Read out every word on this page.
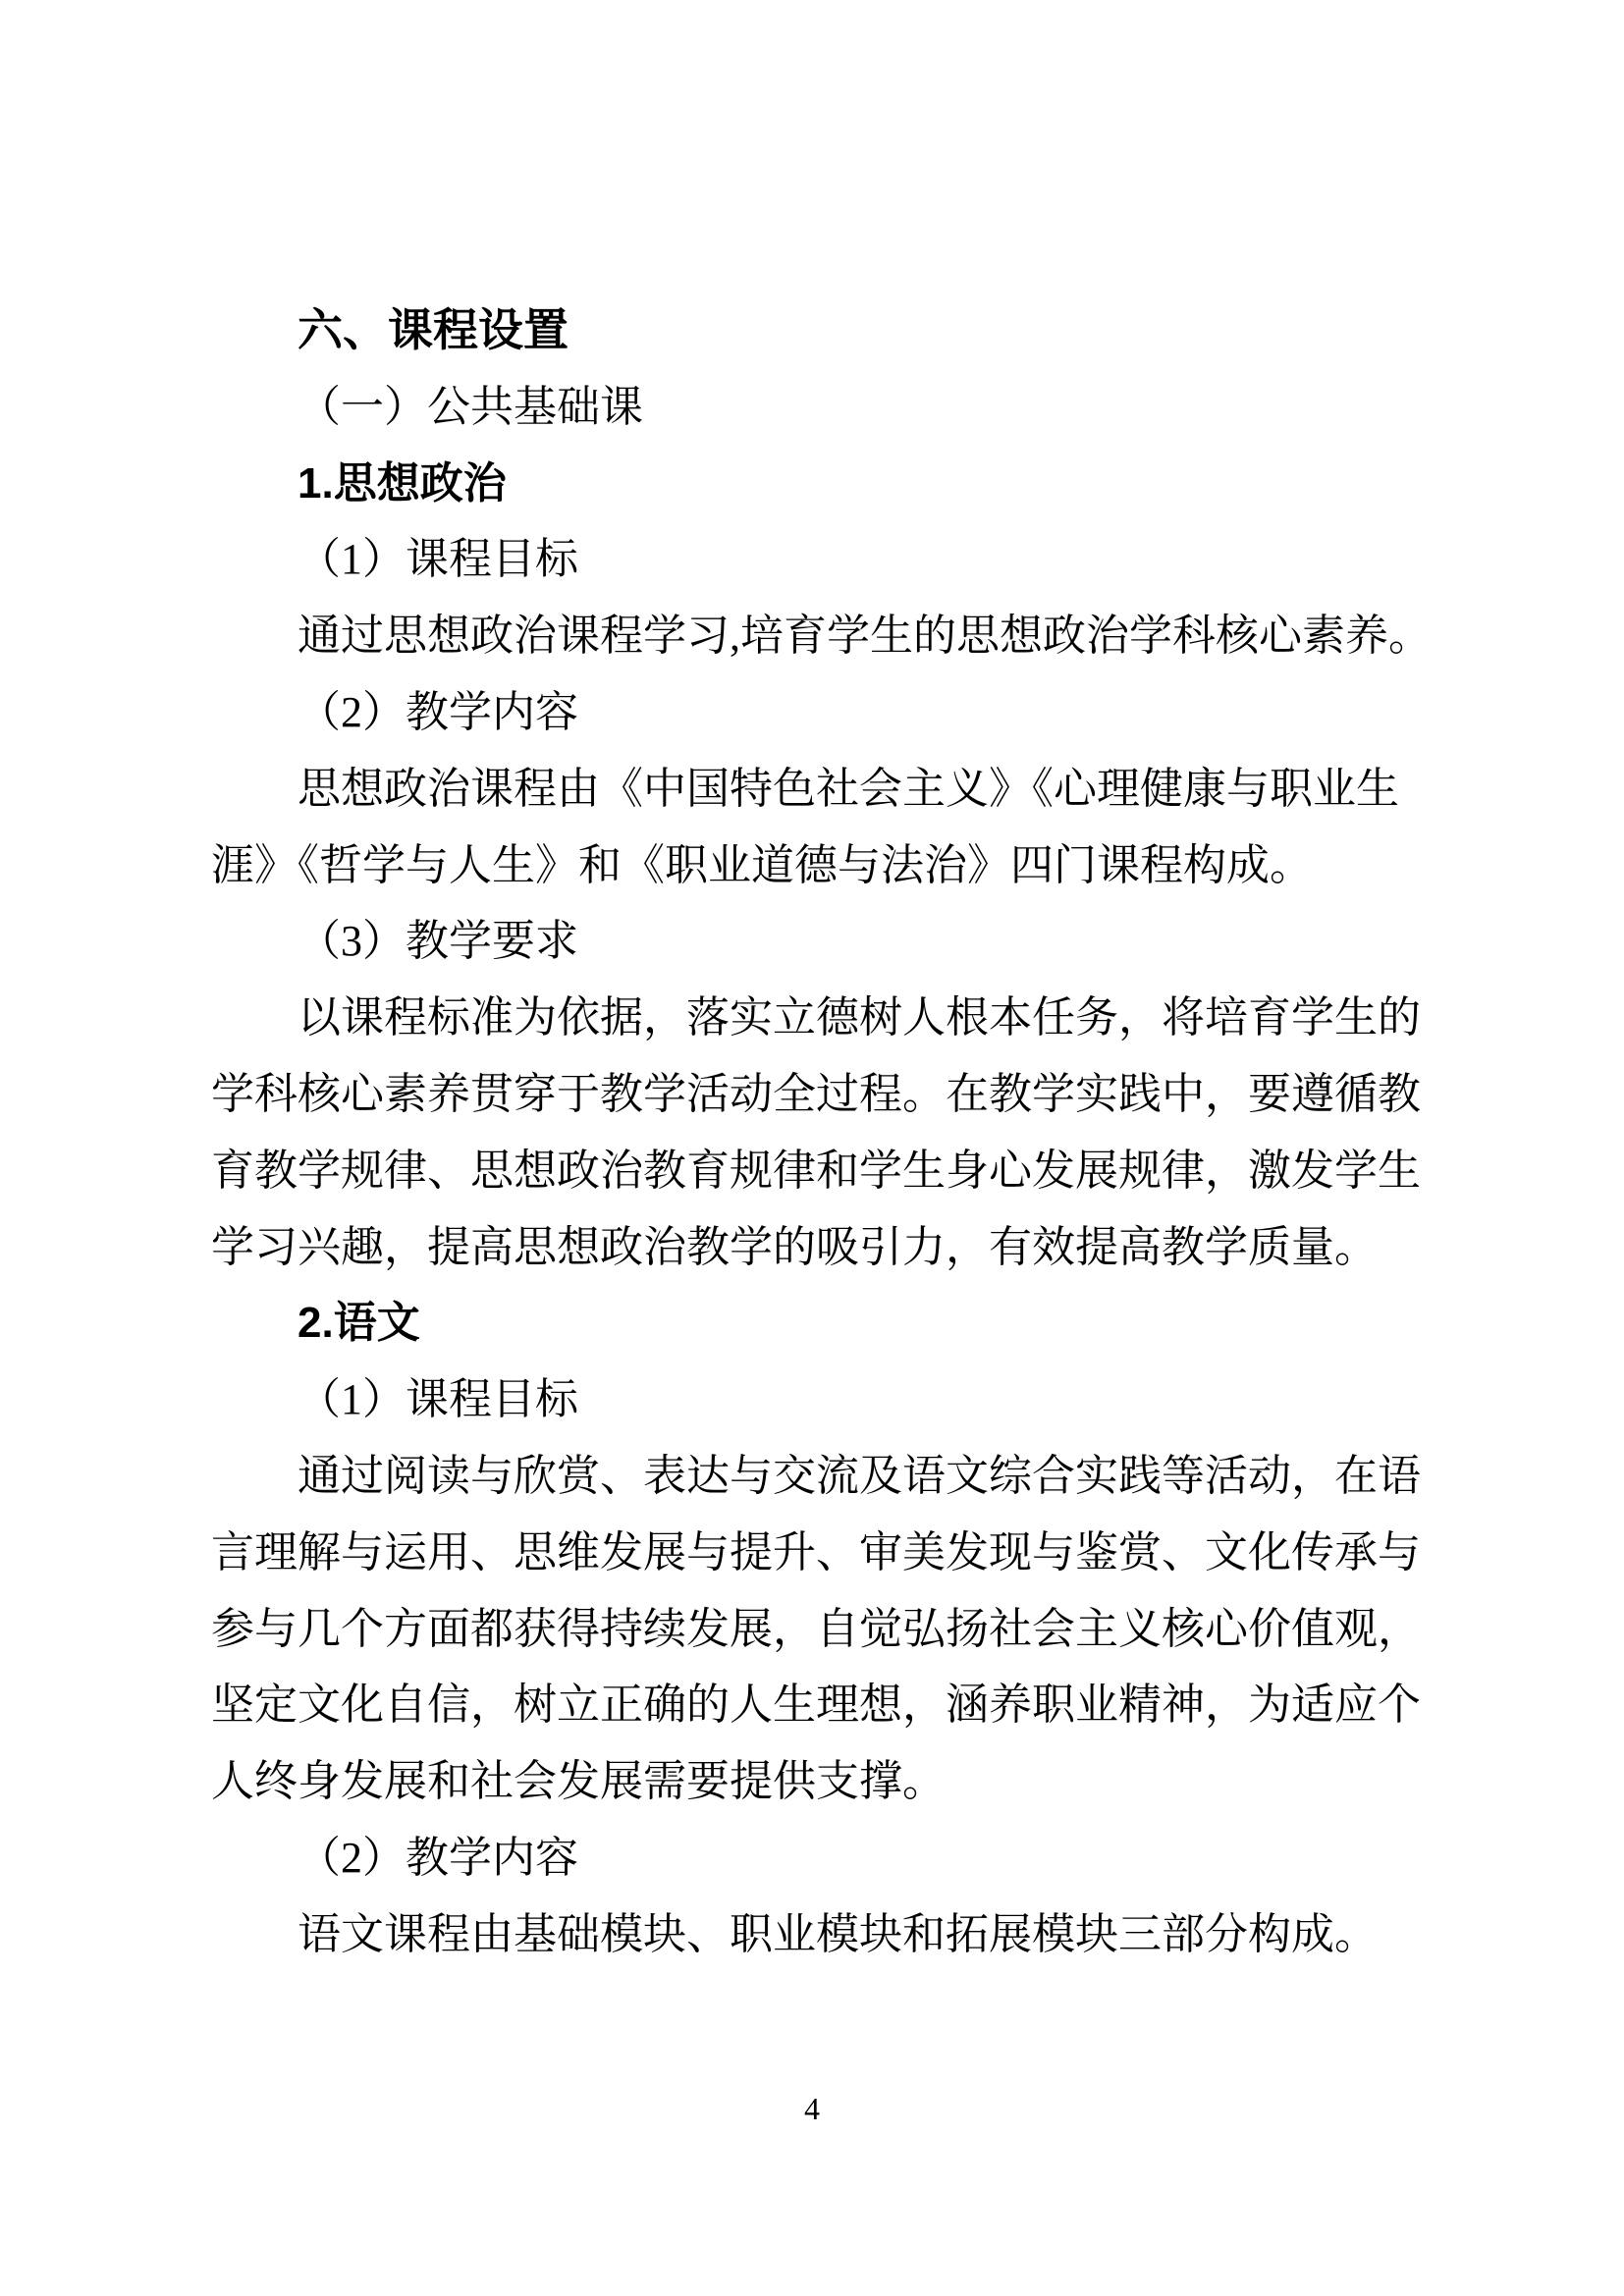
六、课程设置
（一）公共基础课
1.思想政治
（1）课程目标
通过思想政治课程学习,培育学生的思想政治学科核心素养。
（2）教学内容
思想政治课程由《中国特色社会主义》《心理健康与职业生
涯》《哲学与人生》和《职业道德与法治》四门课程构成。
（3）教学要求
以课程标准为依据，落实立德树人根本任务，将培育学生的
学科核心素养贯穿于教学活动全过程。在教学实践中，要遵循教
育教学规律、思想政治教育规律和学生身心发展规律，激发学生
学习兴趣，提高思想政治教学的吸引力，有效提高教学质量。
2.语文
（1）课程目标
通过阅读与欣赏、表达与交流及语文综合实践等活动，在语
言理解与运用、思维发展与提升、审美发现与鉴赏、文化传承与
参与几个方面都获得持续发展，自觉弘扬社会主义核心价值观，
坚定文化自信，树立正确的人生理想，涵养职业精神，为适应个
人终身发展和社会发展需要提供支撑。
（2）教学内容
语文课程由基础模块、职业模块和拓展模块三部分构成。
4
